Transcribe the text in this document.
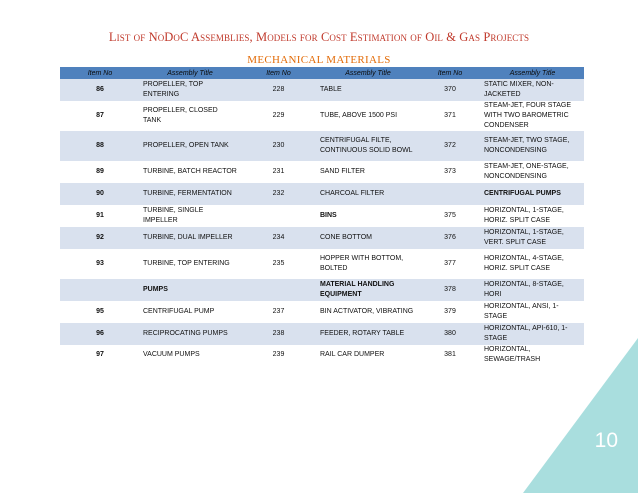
List of NoDoC Assemblies, Models for Cost Estimation of Oil & Gas Projects
MECHANICAL MATERIALS
Item No	Assembly Title	Item No	Assembly Title	Item No	Assembly Title
86	PROPELLER, TOP ENTERING	228	TABLE	370	STATIC MIXER, NON-JACKETED
87	PROPELLER, CLOSED TANK	229	TUBE, ABOVE 1500 PSI	371	STEAM-JET, FOUR STAGE WITH TWO BAROMETRIC CONDENSER
88	PROPELLER, OPEN TANK	230	CENTRIFUGAL FILTE, CONTINUOUS SOLID BOWL	372	STEAM-JET, TWO STAGE, NONCONDENSING
89	TURBINE, BATCH REACTOR	231	SAND FILTER	373	STEAM-JET, ONE-STAGE, NONCONDENSING
90	TURBINE, FERMENTATION	232	CHARCOAL FILTER		CENTRIFUGAL PUMPS
91	TURBINE, SINGLE IMPELLER		BINS	375	HORIZONTAL, 1-STAGE, HORIZ. SPLIT CASE
92	TURBINE, DUAL IMPELLER	234	CONE BOTTOM	376	HORIZONTAL, 1-STAGE, VERT. SPLIT CASE
93	TURBINE, TOP ENTERING	235	HOPPER WITH BOTTOM, BOLTED	377	HORIZONTAL, 4-STAGE, HORIZ. SPLIT CASE
	PUMPS		MATERIAL HANDLING EQUIPMENT	378	HORIZONTAL, 8-STAGE, HORI
95	CENTRIFUGAL PUMP	237	BIN ACTIVATOR, VIBRATING	379	HORIZONTAL, ANSI, 1-STAGE
96	RECIPROCATING PUMPS	238	FEEDER, ROTARY TABLE	380	HORIZONTAL, API-610, 1-STAGE
97	VACUUM PUMPS	239	RAIL CAR DUMPER	381	HORIZONTAL, SEWAGE/TRASH
10
